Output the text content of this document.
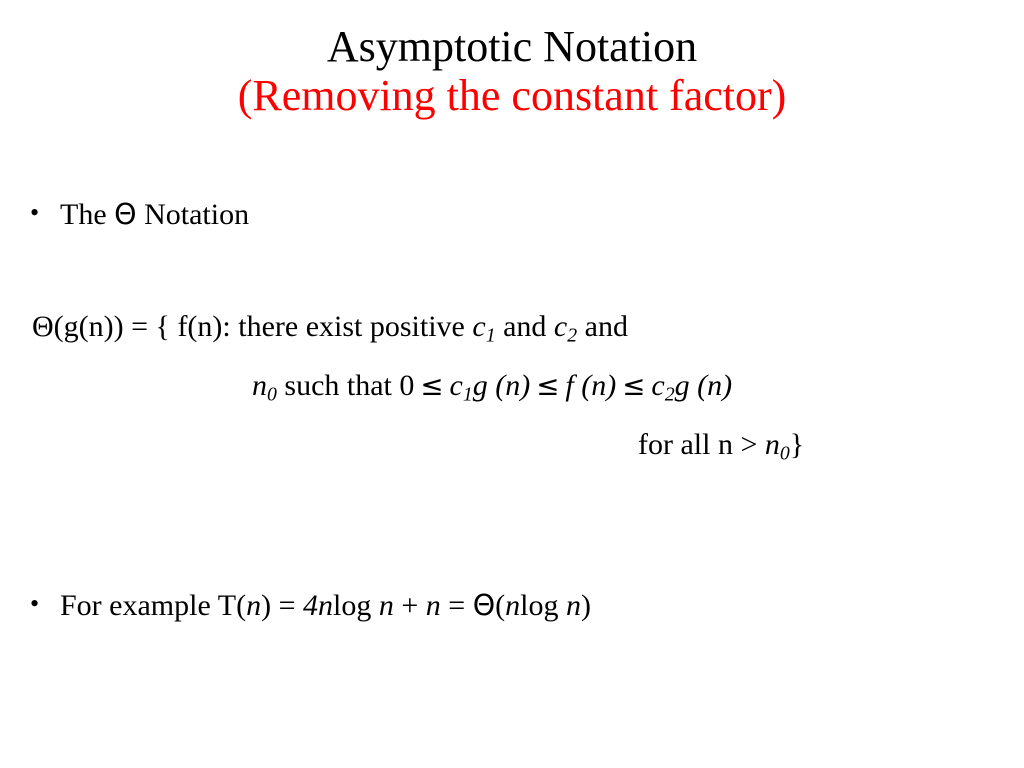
Asymptotic Notation
(Removing the constant factor)
• The Θ Notation
Θ(g(n)) = { f(n): there exist positive $c_1$ and $c_2$ and
$n_0$ such that $0 \le c_1g$ (n)  ≤  f $(n) \le c_2g$ (n)
for all $n > n_0$}
• For example T(n) = 4nlog n + n = Θ(nlog n)
